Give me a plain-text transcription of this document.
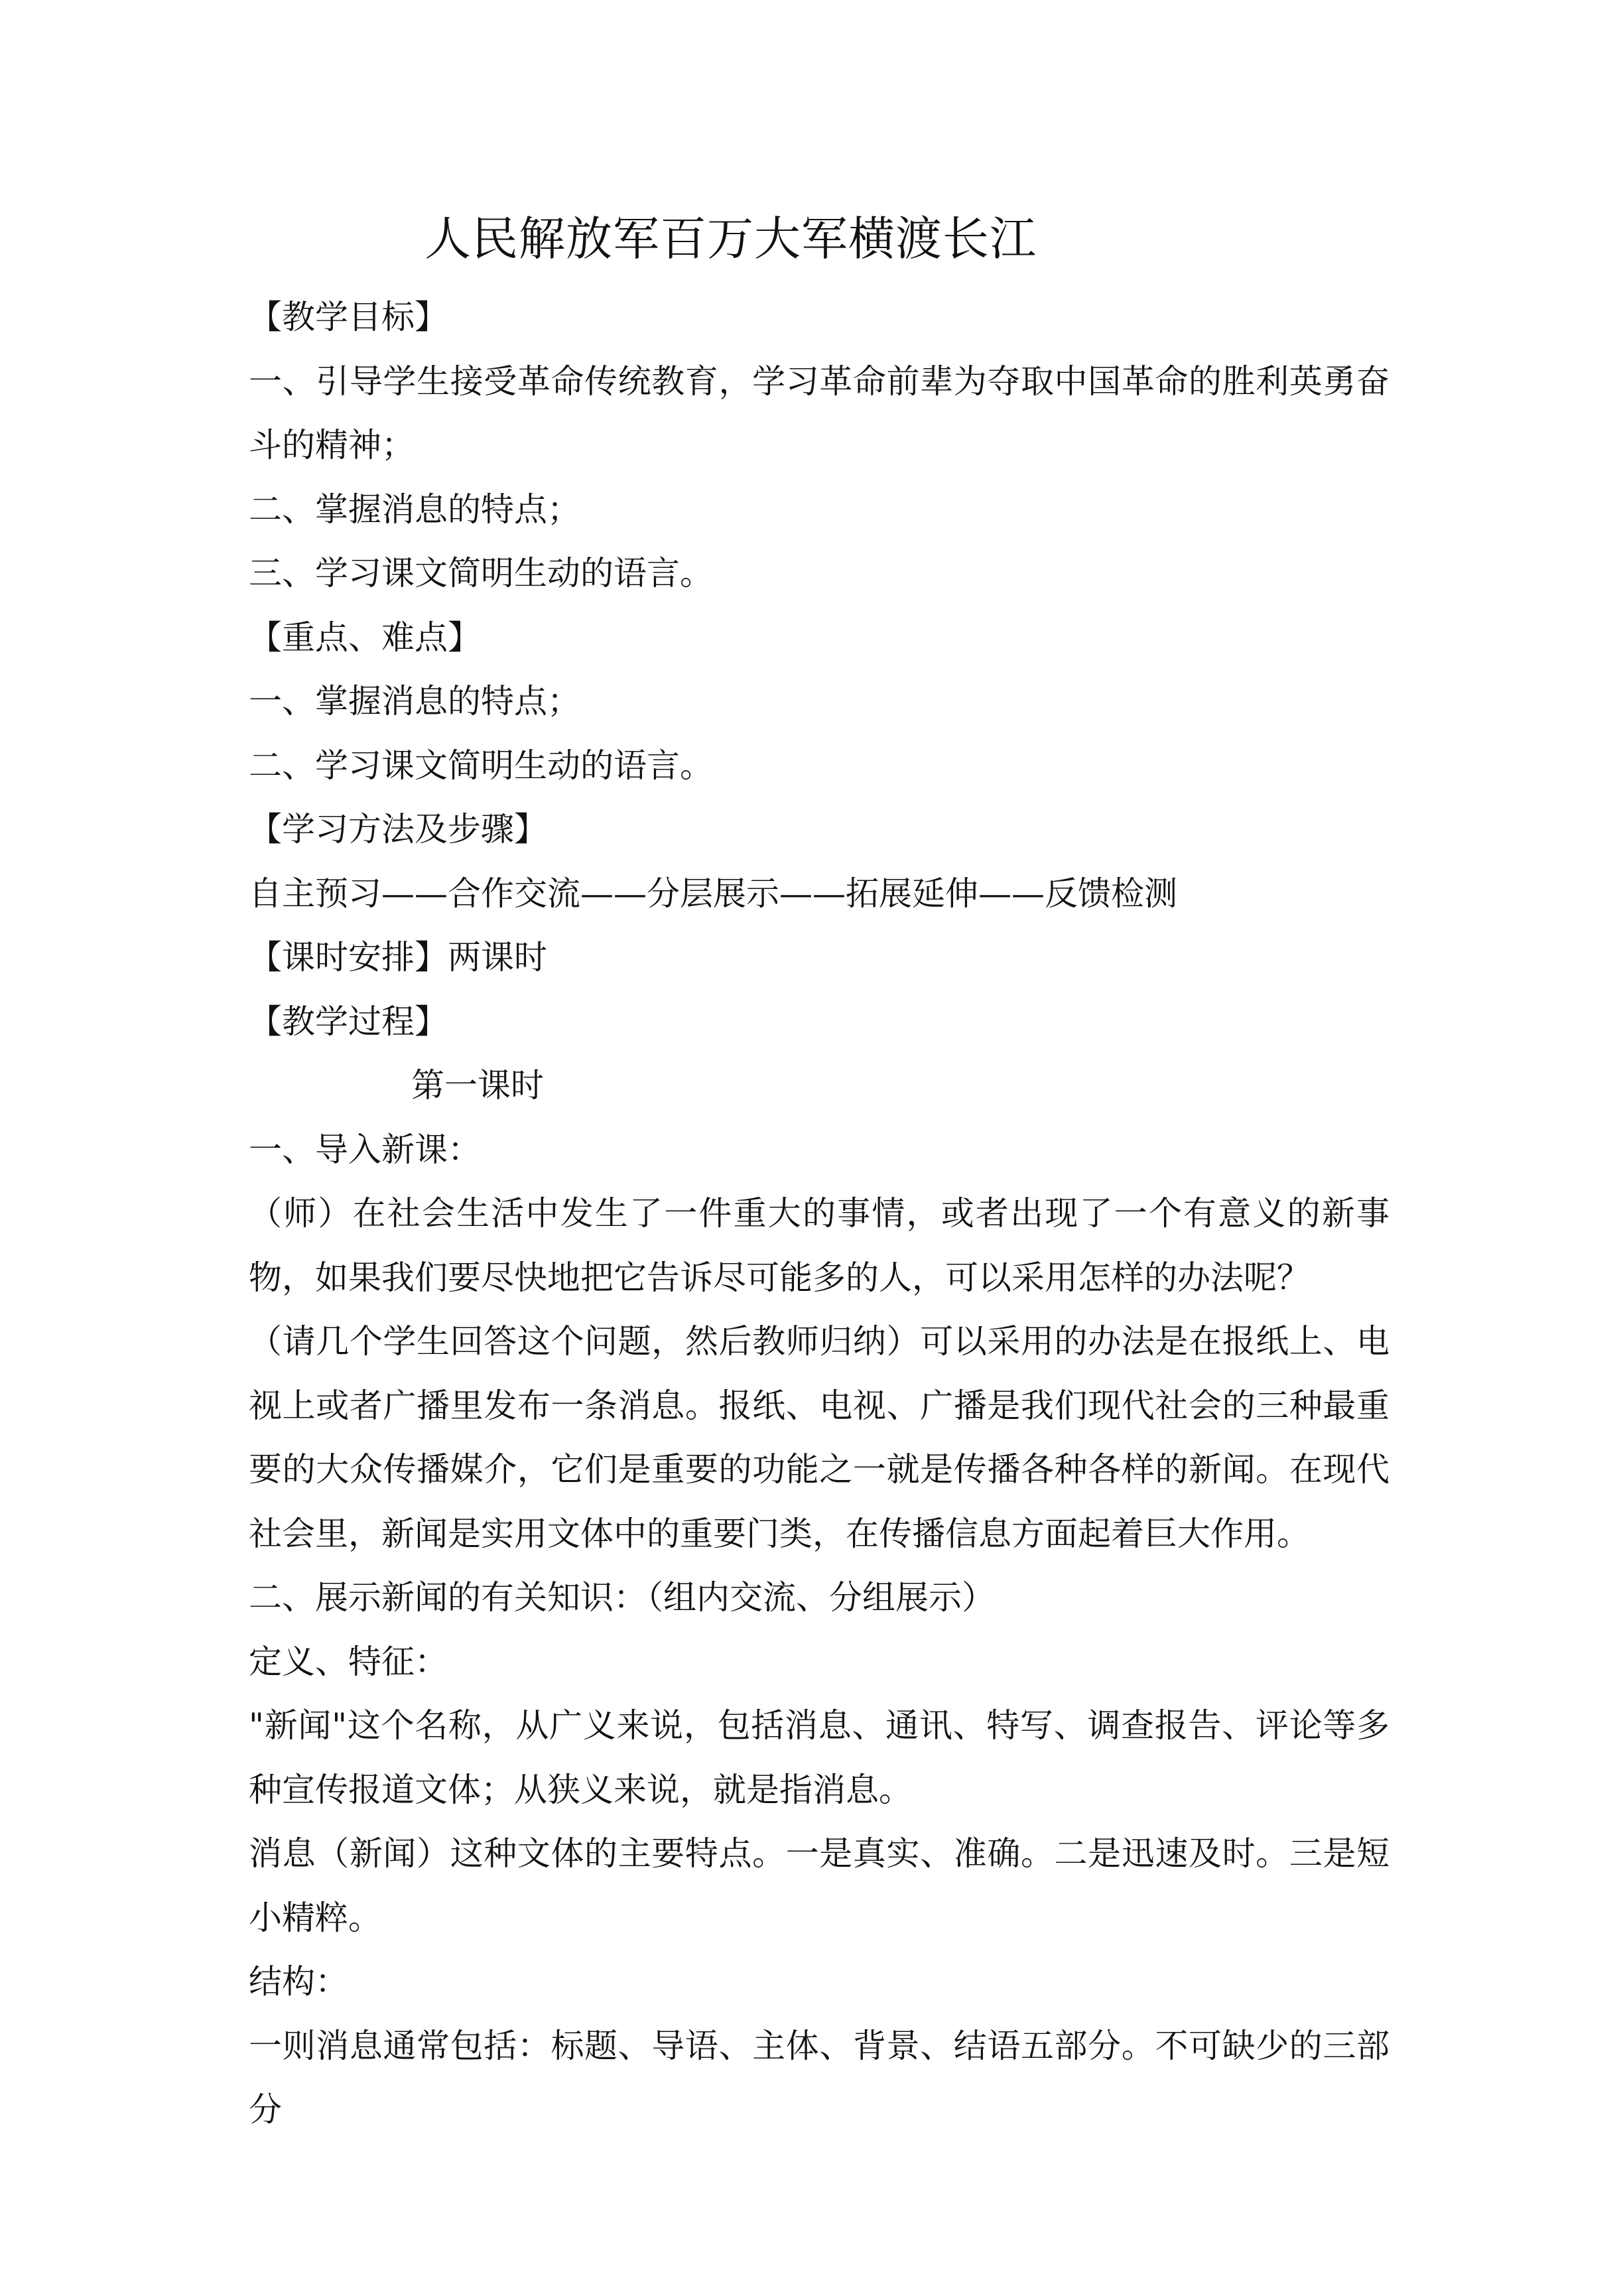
人民解放军百万大军横渡长江

【教学目标】

一、引导学生接受革命传统教育，学习革命前辈为夺取中国革命的胜利英勇奋斗的精神；

二、掌握消息的特点；

三、学习课文简明生动的语言。

【重点、难点】

一、掌握消息的特点；

二、学习课文简明生动的语言。

【学习方法及步骤】

自主预习——合作交流——分层展示——拓展延伸——反馈检测

【课时安排】两课时

【教学过程】

第一课时

一、导入新课：

（师）在社会生活中发生了一件重大的事情，或者出现了一个有意义的新事物，如果我们要尽快地把它告诉尽可能多的人，可以采用怎样的办法呢？

（请几个学生回答这个问题，然后教师归纳）可以采用的办法是在报纸上、电视上或者广播里发布一条消息。报纸、电视、广播是我们现代社会的三种最重要的大众传播媒介，它们是重要的功能之一就是传播各种各样的新闻。在现代社会里，新闻是实用文体中的重要门类，在传播信息方面起着巨大作用。

二、展示新闻的有关知识：（组内交流、分组展示）

定义、特征：

"新闻"这个名称，从广义来说，包括消息、通讯、特写、调查报告、评论等多种宣传报道文体；从狭义来说，就是指消息。

消息（新闻）这种文体的主要特点。一是真实、准确。二是迅速及时。三是短小精粹。

结构：

一则消息通常包括：标题、导语、主体、背景、结语五部分。不可缺少的三部分
